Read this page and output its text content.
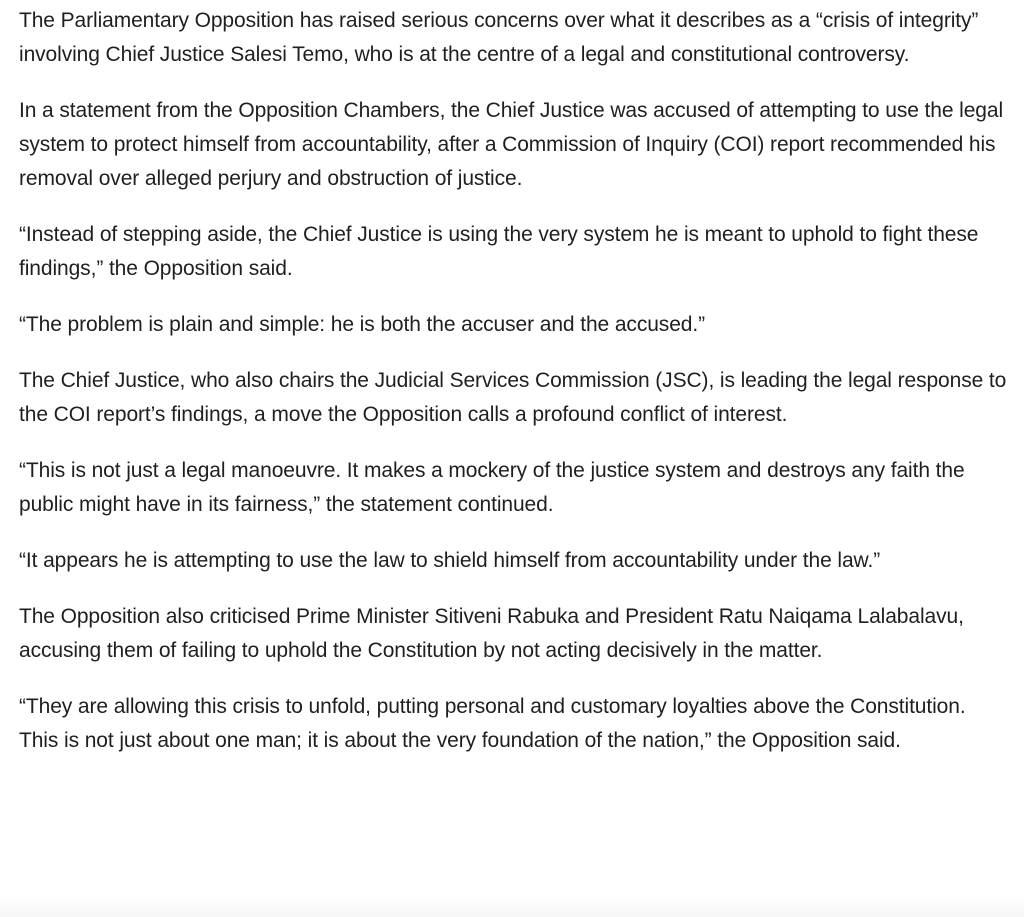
The Parliamentary Opposition has raised serious concerns over what it describes as a “crisis of integrity” involving Chief Justice Salesi Temo, who is at the centre of a legal and constitutional controversy.

In a statement from the Opposition Chambers, the Chief Justice was accused of attempting to use the legal system to protect himself from accountability, after a Commission of Inquiry (COI) report recommended his removal over alleged perjury and obstruction of justice.

“Instead of stepping aside, the Chief Justice is using the very system he is meant to uphold to fight these findings,” the Opposition said.

“The problem is plain and simple: he is both the accuser and the accused.”

The Chief Justice, who also chairs the Judicial Services Commission (JSC), is leading the legal response to the COI report’s findings, a move the Opposition calls a profound conflict of interest.

“This is not just a legal manoeuvre. It makes a mockery of the justice system and destroys any faith the public might have in its fairness,” the statement continued.

“It appears he is attempting to use the law to shield himself from accountability under the law.”

The Opposition also criticised Prime Minister Sitiveni Rabuka and President Ratu Naiqama Lalabalavu, accusing them of failing to uphold the Constitution by not acting decisively in the matter.

“They are allowing this crisis to unfold, putting personal and customary loyalties above the Constitution. This is not just about one man; it is about the very foundation of the nation,” the Opposition said.
